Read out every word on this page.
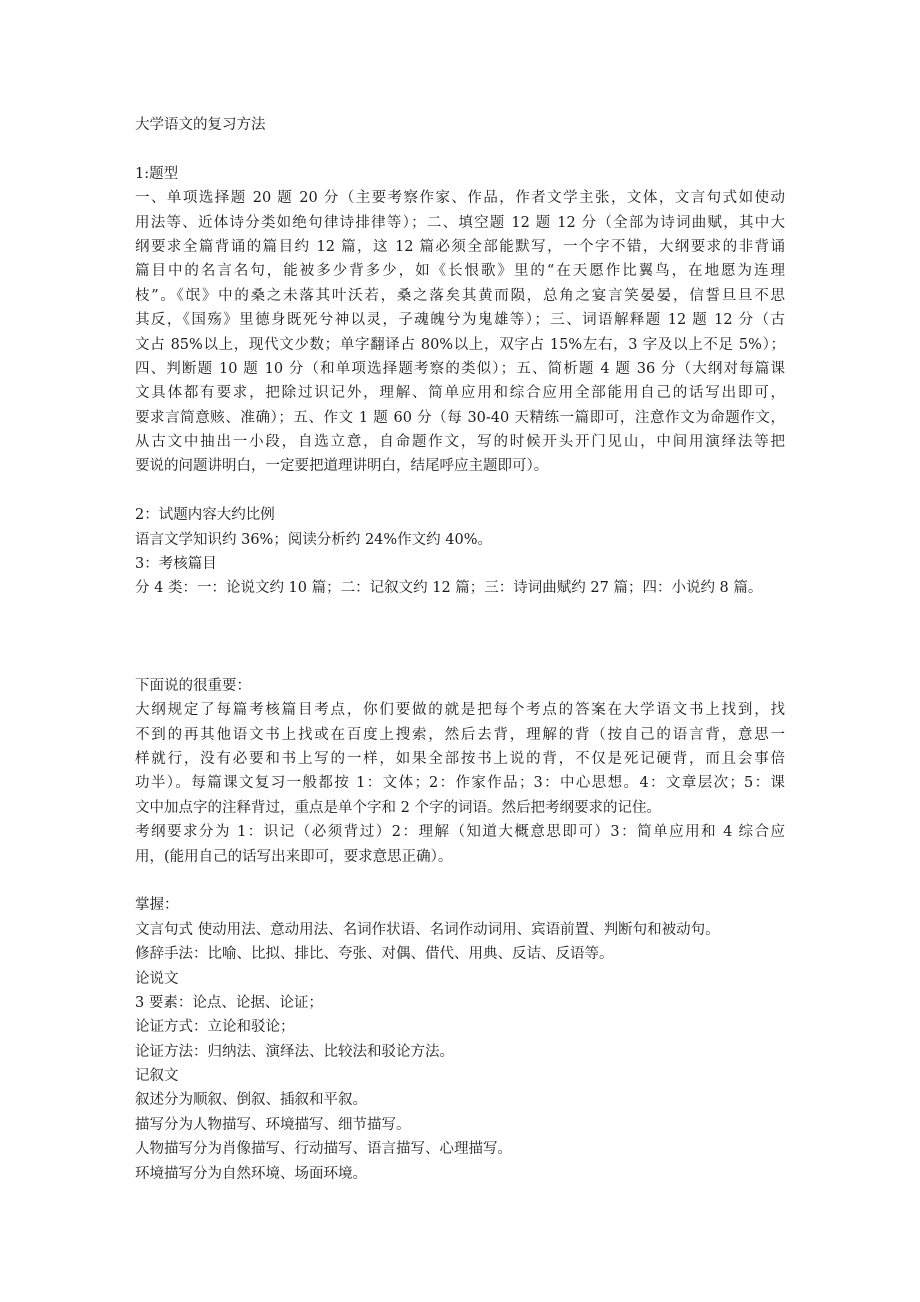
大学语文的复习方法
1:题型
一、单项选择题 20 题 20 分（主要考察作家、作品，作者文学主张，文体，文言句式如使动
用法等、近体诗分类如绝句律诗排律等）；二、填空题 12 题 12 分（全部为诗词曲赋，其中大
纲要求全篇背诵的篇目约 12 篇，这 12 篇必须全部能默写，一个字不错，大纲要求的非背诵
篇目中的名言名句，能被多少背多少，如《长恨歌》里的“在天愿作比翼鸟，在地愿为连理
枝”。《氓》中的桑之未落其叶沃若，桑之落矣其黄而陨，总角之宴言笑晏晏，信誓旦旦不思
其反，《国殇》里德身既死兮神以灵，子魂魄兮为鬼雄等）；三、词语解释题 12 题 12 分（古
文占 85%以上，现代文少数；单字翻译占 80%以上，双字占 15%左右，3 字及以上不足 5%）；
四、判断题 10 题 10 分（和单项选择题考察的类似）；五、简析题 4 题 36 分（大纲对每篇课
文具体都有要求，把除过识记外，理解、简单应用和综合应用全部能用自己的话写出即可，
要求言简意赅、准确）；五、作文 1 题 60 分（每 30-40 天精练一篇即可，注意作文为命题作文，
从古文中抽出一小段，自选立意，自命题作文，写的时候开头开门见山，中间用演绎法等把
要说的问题讲明白，一定要把道理讲明白，结尾呼应主题即可）。
2：试题内容大约比例
语言文学知识约 36%；阅读分析约 24%作文约 40%。
3：考核篇目
分 4 类：一：论说文约 10 篇；二：记叙文约 12 篇；三：诗词曲赋约 27 篇；四：小说约 8 篇。
下面说的很重要：
大纲规定了每篇考核篇目考点，你们要做的就是把每个考点的答案在大学语文书上找到，找
不到的再其他语文书上找或在百度上搜索，然后去背，理解的背（按自己的语言背，意思一
样就行，没有必要和书上写的一样，如果全部按书上说的背，不仅是死记硬背，而且会事倍
功半）。每篇课文复习一般都按 1：文体；2：作家作品；3：中心思想。4：文章层次；5：课
文中加点字的注释背过，重点是单个字和 2 个字的词语。然后把考纲要求的记住。
考纲要求分为 1：识记（必须背过）2：理解（知道大概意思即可）3：简单应用和 4 综合应
用，(能用自己的话写出来即可，要求意思正确）。
掌握：
文言句式 使动用法、意动用法、名词作状语、名词作动词用、宾语前置、判断句和被动句。
修辞手法：比喻、比拟、排比、夸张、对偶、借代、用典、反诘、反语等。
论说文
3 要素：论点、论据、论证；
论证方式：立论和驳论；
论证方法：归纳法、演绎法、比较法和驳论方法。
记叙文
叙述分为顺叙、倒叙、插叙和平叙。
描写分为人物描写、环境描写、细节描写。
人物描写分为肖像描写、行动描写、语言描写、心理描写。
环境描写分为自然环境、场面环境。
